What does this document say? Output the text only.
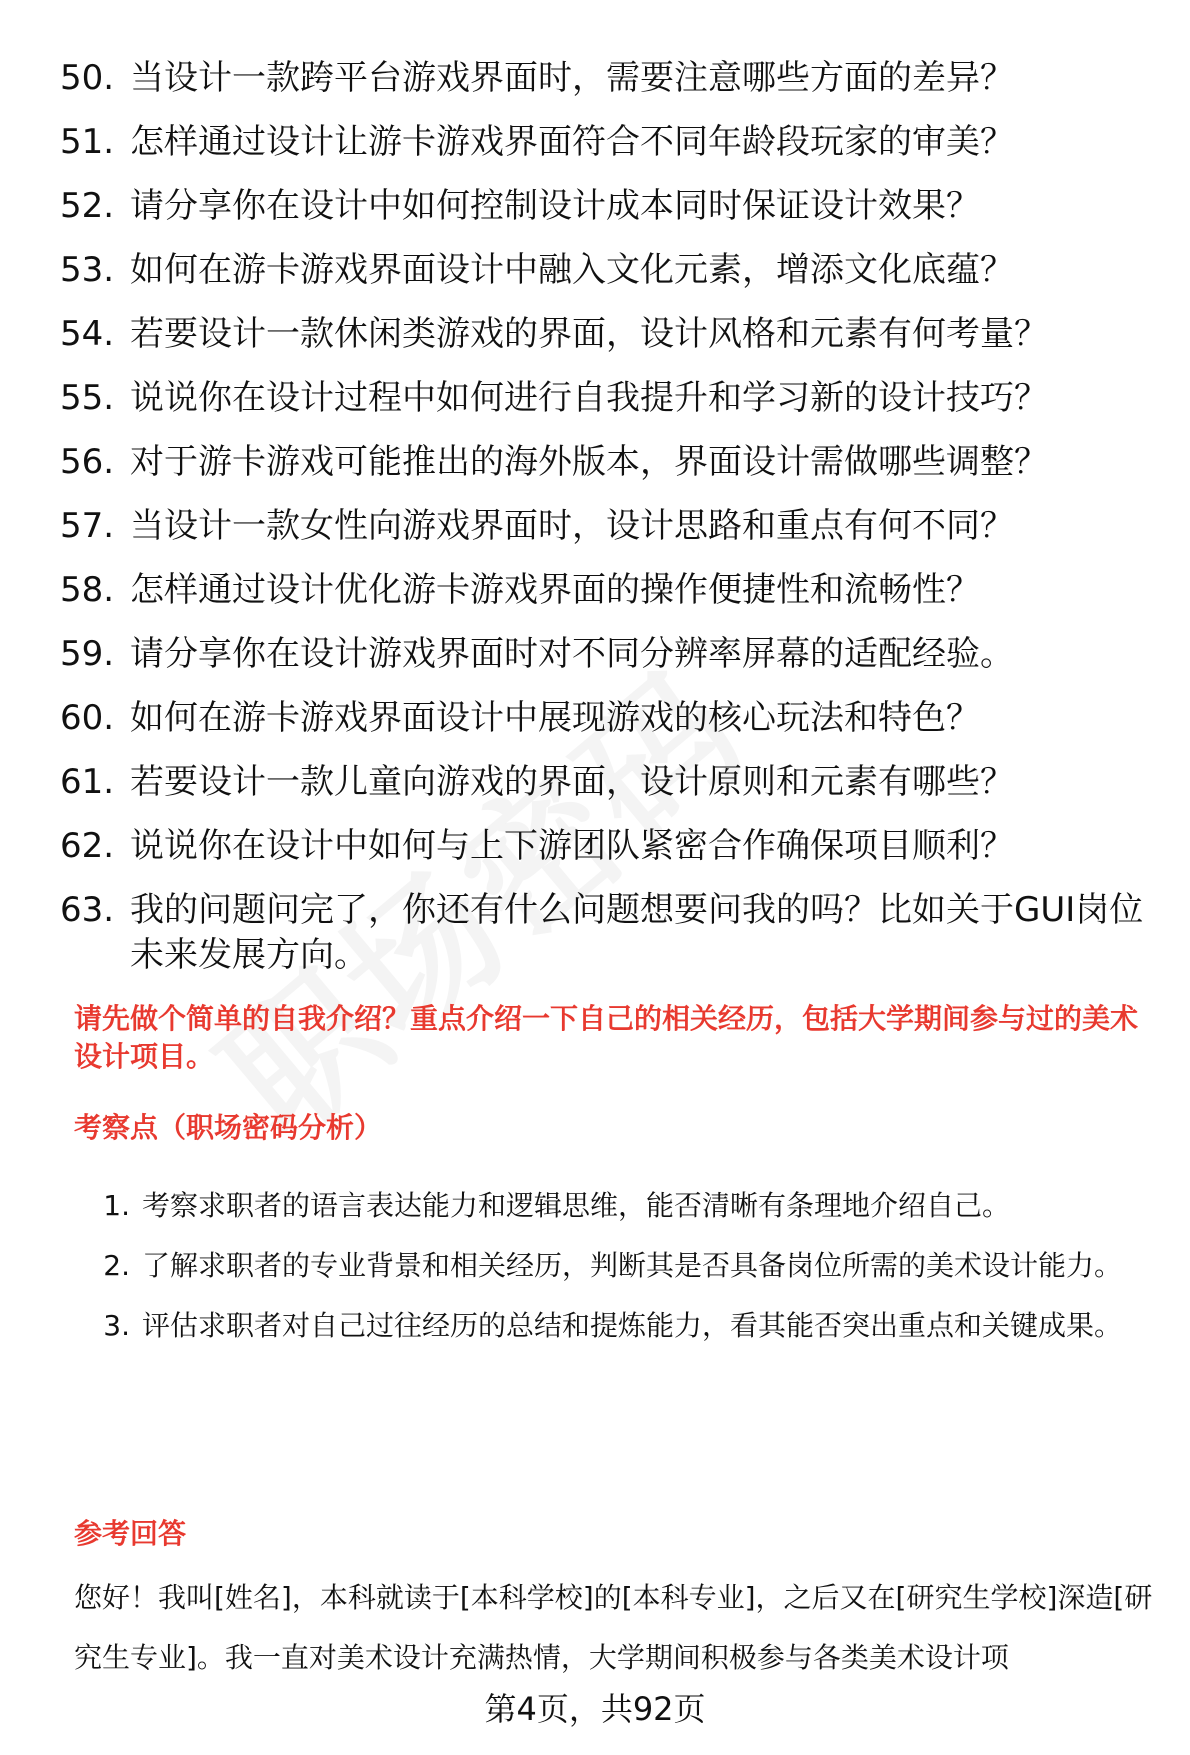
50. 当设计一款跨平台游戏界面时，需要注意哪些方面的差异？
51. 怎样通过设计让游卡游戏界面符合不同年龄段玩家的审美？
52. 请分享你在设计中如何控制设计成本同时保证设计效果？
53. 如何在游卡游戏界面设计中融入文化元素，增添文化底蕴？
54. 若要设计一款休闲类游戏的界面，设计风格和元素有何考量？
55. 说说你在设计过程中如何进行自我提升和学习新的设计技巧？
56. 对于游卡游戏可能推出的海外版本，界面设计需做哪些调整？
57. 当设计一款女性向游戏界面时，设计思路和重点有何不同？
58. 怎样通过设计优化游卡游戏界面的操作便捷性和流畅性？
59. 请分享你在设计游戏界面时对不同分辨率屏幕的适配经验。
60. 如何在游卡游戏界面设计中展现游戏的核心玩法和特色？
61. 若要设计一款儿童向游戏的界面，设计原则和元素有哪些？
62. 说说你在设计中如何与上下游团队紧密合作确保项目顺利？
63. 我的问题问完了，你还有什么问题想要问我的吗？比如关于GUI岗位未来发展方向。
请先做个简单的自我介绍？重点介绍一下自己的相关经历，包括大学期间参与过的美术设计项目。
考察点（职场密码分析）
1. 考察求职者的语言表达能力和逻辑思维，能否清晰有条理地介绍自己。
2. 了解求职者的专业背景和相关经历，判断其是否具备岗位所需的美术设计能力。
3. 评估求职者对自己过往经历的总结和提炼能力，看其能否突出重点和关键成果。
参考回答
您好！我叫[姓名]，本科就读于[本科学校]的[本科专业]，之后又在[研究生学校]深造[研究生专业]。我一直对美术设计充满热情，大学期间积极参与各类美术设计项
第4页，共92页
